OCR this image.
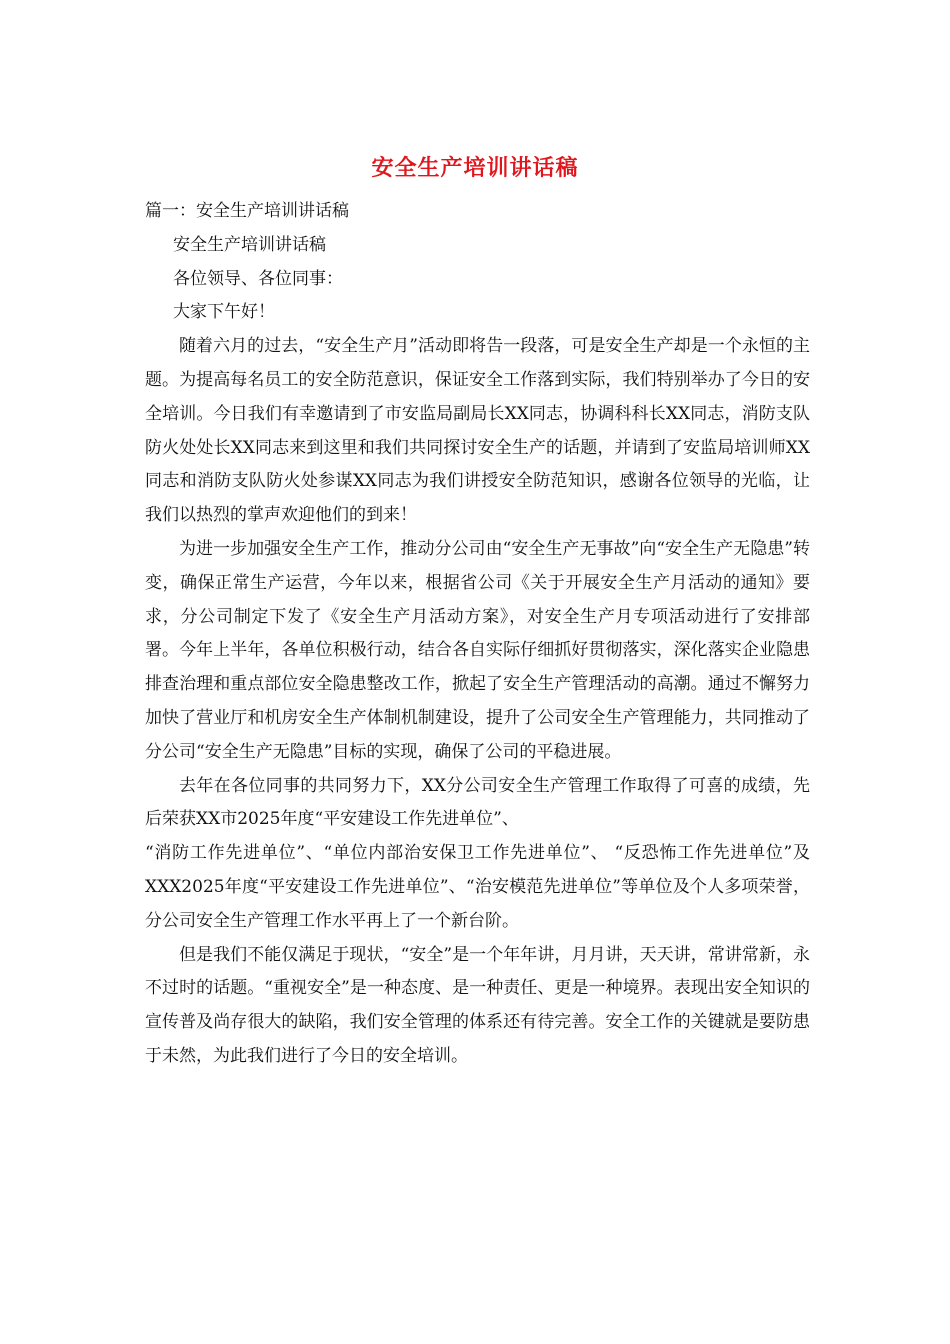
安全生产培训讲话稿

篇一：安全生产培训讲话稿

安全生产培训讲话稿

各位领导、各位同事：

大家下午好！

随着六月的过去，“安全生产月”活动即将告一段落，可是安全生产却是一个永恒的主题。为提高每名员工的安全防范意识，保证安全工作落到实际，我们特别举办了今日的安全培训。今日我们有幸邀请到了市安监局副局长XX同志，协调科科长XX同志，消防支队防火处处长XX同志来到这里和我们共同探讨安全生产的话题，并请到了安监局培训师XX同志和消防支队防火处参谋XX同志为我们讲授安全防范知识，感谢各位领导的光临，让我们以热烈的掌声欢迎他们的到来！

为进一步加强安全生产工作，推动分公司由“安全生产无事故”向“安全生产无隐患”转变，确保正常生产运营，今年以来，根据省公司《关于开展安全生产月活动的通知》要求，分公司制定下发了《安全生产月活动方案》，对安全生产月专项活动进行了安排部署。今年上半年，各单位积极行动，结合各自实际仔细抓好贯彻落实，深化落实企业隐患排查治理和重点部位安全隐患整改工作，掀起了安全生产管理活动的高潮。通过不懈努力加快了营业厅和机房安全生产体制机制建设，提升了公司安全生产管理能力，共同推动了分公司“安全生产无隐患”目标的实现，确保了公司的平稳进展。

去年在各位同事的共同努力下，XX分公司安全生产管理工作取得了可喜的成绩，先后荣获XX市2025年度“平安建设工作先进单位”、

“消防工作先进单位”、“单位内部治安保卫工作先进单位”、 “反恐怖工作先进单位”及XXX2025年度“平安建设工作先进单位”、“治安模范先进单位”等单位及个人多项荣誉，分公司安全生产管理工作水平再上了一个新台阶。

但是我们不能仅满足于现状，“安全”是一个年年讲，月月讲，天天讲，常讲常新，永不过时的话题。“重视安全”是一种态度、是一种责任、更是一种境界。表现出安全知识的宣传普及尚存很大的缺陷，我们安全管理的体系还有待完善。安全工作的关键就是要防患于未然，为此我们进行了今日的安全培训。
